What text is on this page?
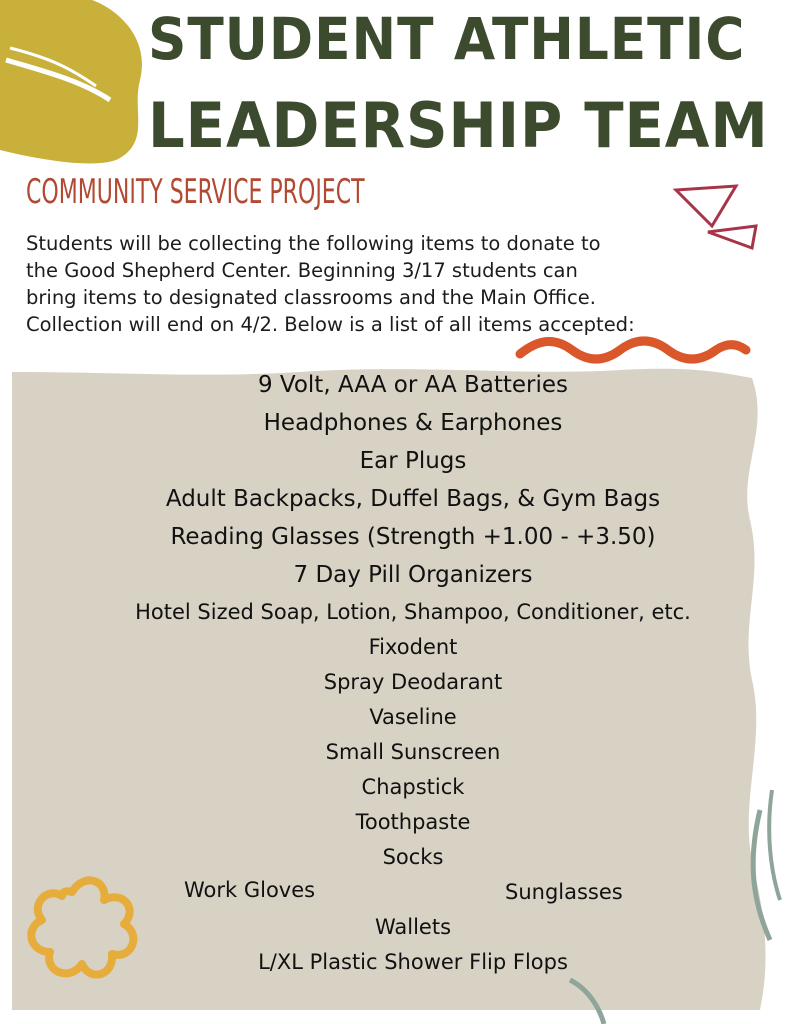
STUDENT ATHLETIC
LEADERSHIP TEAM
COMMUNITY SERVICE PROJECT

Students will be collecting the following items to donate to

the Good Shepherd Center. Beginning 3/17 students can

bring items to designated classrooms and the Main Office.

Collection will end on 4/2. Below is a list of all items accepted:

9 Volt, AAA or AA Batteries
Headphones & Earphones
Ear Plugs
Adult Backpacks, Duffel Bags, & Gym Bags
Reading Glasses (Strength +1.00 - +3.50)
7 Day Pill Organizers
Hotel Sized Soap, Lotion, Shampoo, Conditioner, etc.
Fixodent
Spray Deodarant
Vaseline
Small Sunscreen
Chapstick
Toothpaste
Socks
Wallets
L/XL Plastic Shower Flip Flops
Work Gloves	Sunglasses
